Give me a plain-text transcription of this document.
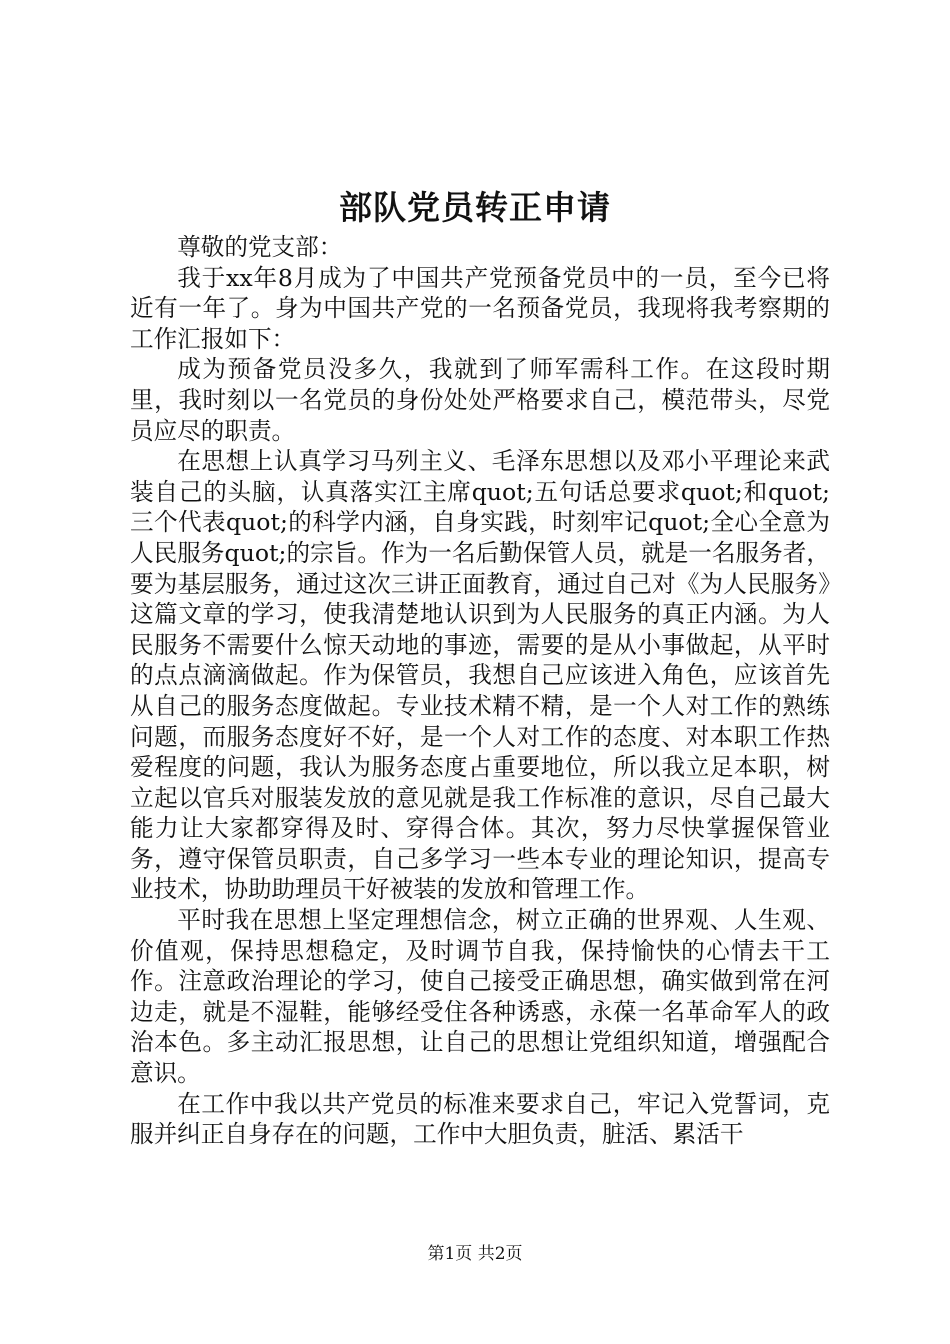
部队党员转正申请

尊敬的党支部：

我于xx年8月成为了中国共产党预备党员中的一员，至今已将近有一年了。身为中国共产党的一名预备党员，我现将我考察期的工作汇报如下：

成为预备党员没多久，我就到了师军需科工作。在这段时期里，我时刻以一名党员的身份处处严格要求自己，模范带头，尽党员应尽的职责。

在思想上认真学习马列主义、毛泽东思想以及邓小平理论来武装自己的头脑，认真落实江主席quot;五句话总要求quot;和quot;三个代表quot;的科学内涵，自身实践，时刻牢记quot;全心全意为人民服务quot;的宗旨。作为一名后勤保管人员，就是一名服务者，要为基层服务，通过这次三讲正面教育，通过自己对《为人民服务》这篇文章的学习，使我清楚地认识到为人民服务的真正内涵。为人民服务不需要什么惊天动地的事迹，需要的是从小事做起，从平时的点点滴滴做起。作为保管员，我想自己应该进入角色，应该首先从自己的服务态度做起。专业技术精不精，是一个人对工作的熟练问题，而服务态度好不好，是一个人对工作的态度、对本职工作热爱程度的问题，我认为服务态度占重要地位，所以我立足本职，树立起以官兵对服装发放的意见就是我工作标准的意识，尽自己最大能力让大家都穿得及时、穿得合体。其次，努力尽快掌握保管业务，遵守保管员职责，自己多学习一些本专业的理论知识，提高专业技术，协助助理员干好被装的发放和管理工作。

平时我在思想上坚定理想信念，树立正确的世界观、人生观、价值观，保持思想稳定，及时调节自我，保持愉快的心情去干工作。注意政治理论的学习，使自己接受正确思想，确实做到常在河边走，就是不湿鞋，能够经受住各种诱惑，永葆一名革命军人的政治本色。多主动汇报思想，让自己的思想让党组织知道，增强配合意识。

在工作中我以共产党员的标准来要求自己，牢记入党誓词，克服并纠正自身存在的问题，工作中大胆负责，脏活、累活干

第1页 共2页
